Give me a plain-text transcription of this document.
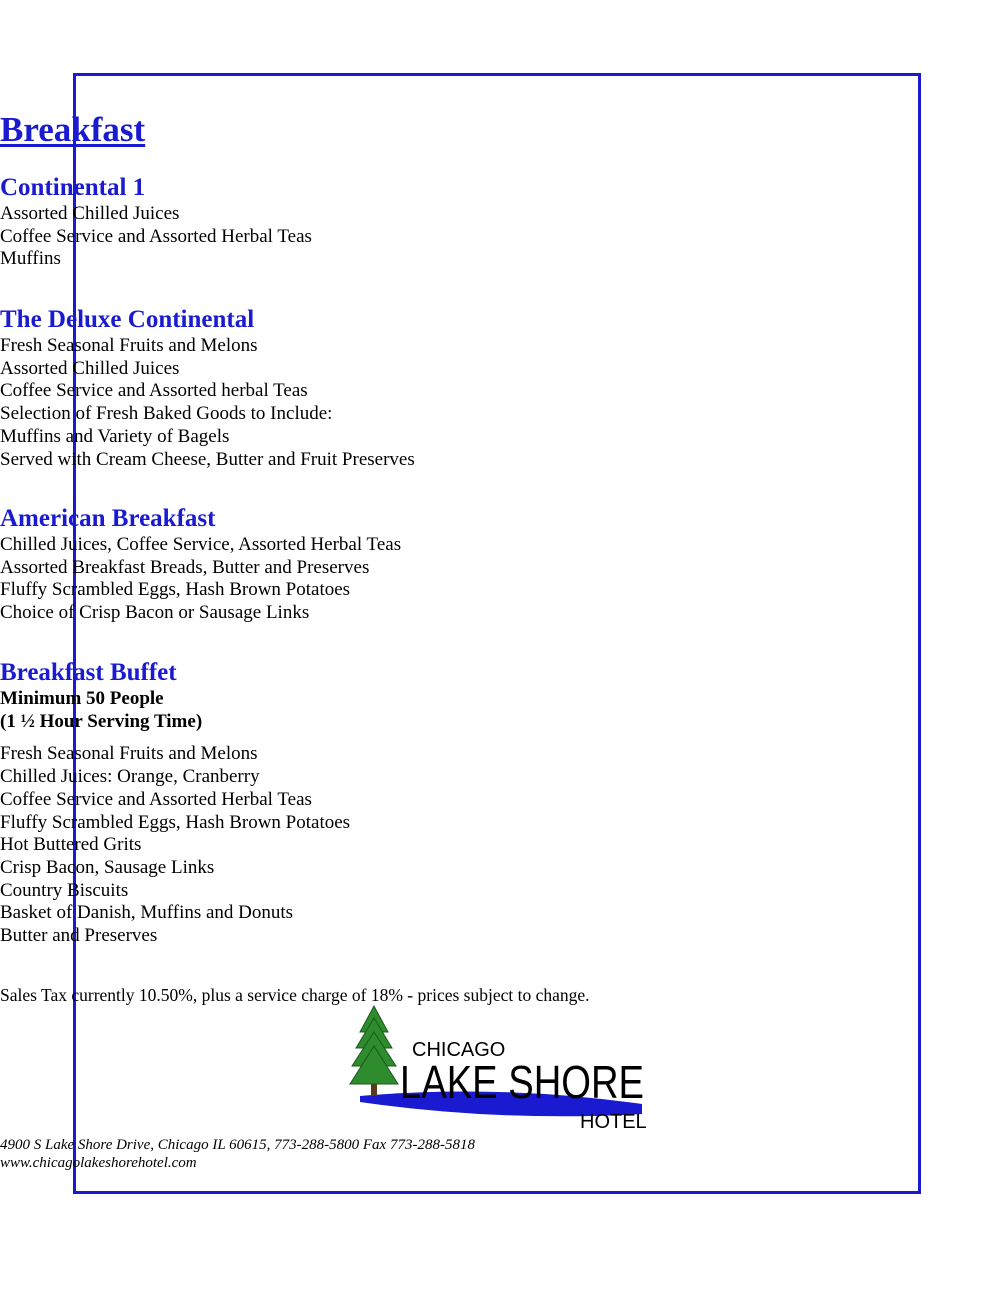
Breakfast

Continental 1

Assorted Chilled Juices

Coffee Service and Assorted Herbal Teas

Muffins

The Deluxe Continental

Fresh Seasonal Fruits and Melons

Assorted Chilled Juices

Coffee Service and Assorted herbal Teas

Selection of Fresh Baked Goods to Include:

Muffins and Variety of Bagels

Served with Cream Cheese, Butter and Fruit Preserves

American Breakfast

Chilled Juices, Coffee Service, Assorted Herbal Teas

Assorted Breakfast Breads, Butter and Preserves

Fluffy Scrambled Eggs, Hash Brown Potatoes

Choice of Crisp Bacon or Sausage Links

Breakfast Buffet

Minimum 50 People

(1 ½ Hour Serving Time)

Fresh Seasonal Fruits and Melons

Chilled Juices: Orange, Cranberry

Coffee Service and Assorted Herbal Teas

Fluffy Scrambled Eggs, Hash Brown Potatoes

Hot Buttered Grits

Crisp Bacon, Sausage Links

Country Biscuits

Basket of Danish, Muffins and Donuts

Butter and Preserves

Sales Tax currently 10.50%, plus a service charge of 18% - prices subject to change.
CHICAGO
LAKE SHORE
HOTEL
4900 S Lake Shore Drive, Chicago IL 60615, 773-288-5800 Fax 773-288-5818
www.chicagolakeshorehotel.com
